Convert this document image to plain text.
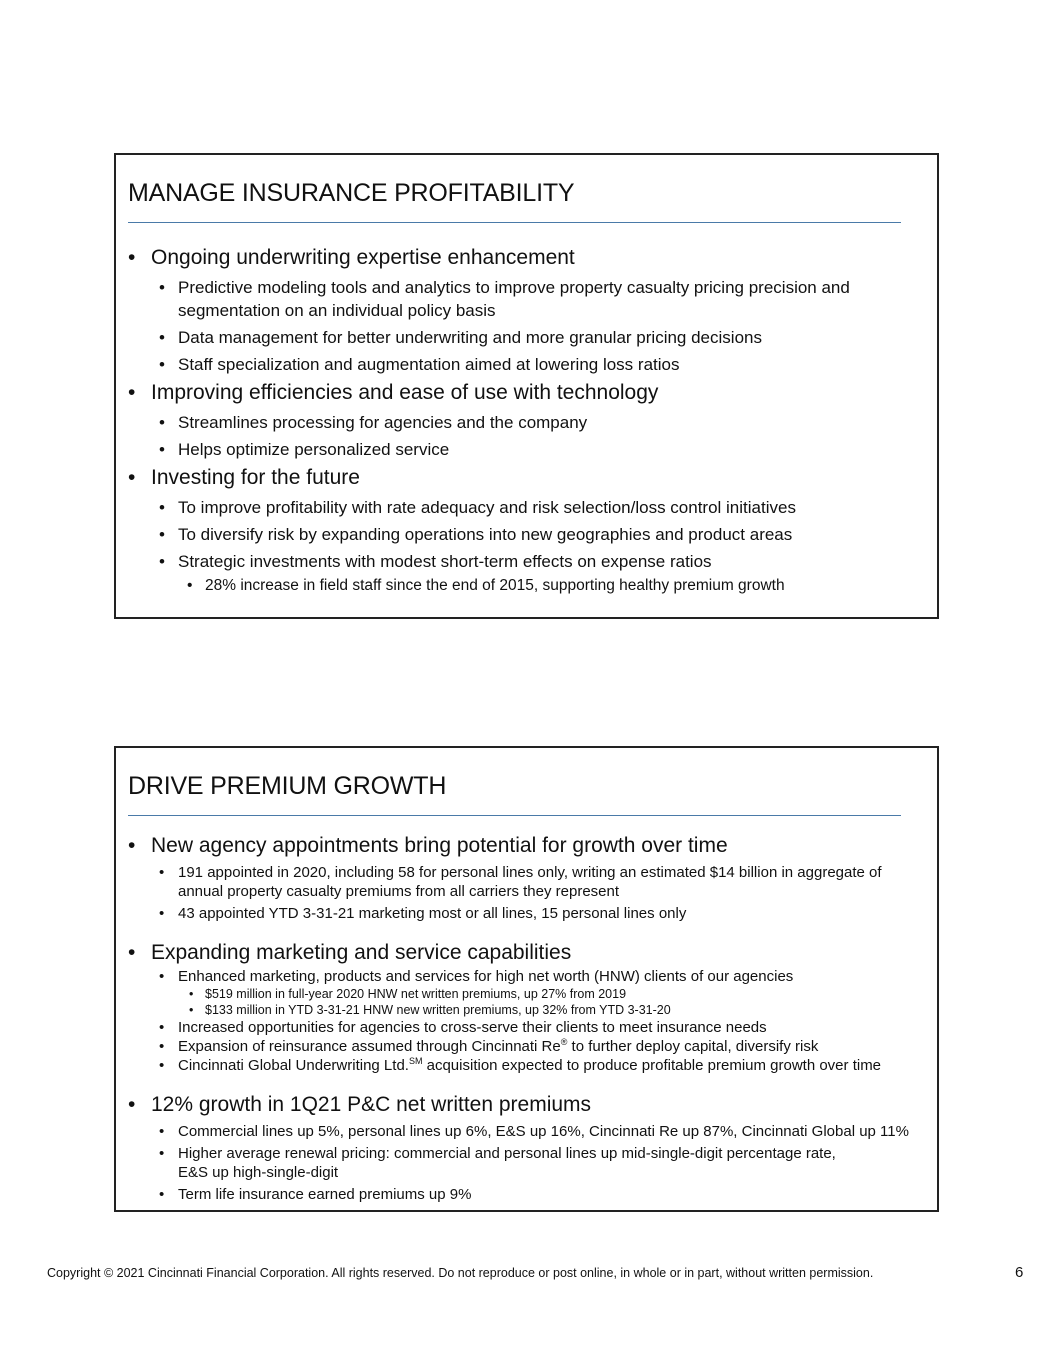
MANAGE INSURANCE PROFITABILITY
• Ongoing underwriting expertise enhancement
• Predictive modeling tools and analytics to improve property casualty pricing precision and segmentation on an individual policy basis
• Data management for better underwriting and more granular pricing decisions
• Staff specialization and augmentation aimed at lowering loss ratios
• Improving efficiencies and ease of use with technology
• Streamlines processing for agencies and the company
• Helps optimize personalized service
• Investing for the future
• To improve profitability with rate adequacy and risk selection/loss control initiatives
• To diversify risk by expanding operations into new geographies and product areas
• Strategic investments with modest short-term effects on expense ratios
• 28% increase in field staff since the end of 2015, supporting healthy premium growth
DRIVE PREMIUM GROWTH
• New agency appointments bring potential for growth over time
• 191 appointed in 2020, including 58 for personal lines only, writing an estimated $14 billion in aggregate of annual property casualty premiums from all carriers they represent
• 43 appointed YTD 3-31-21 marketing most or all lines, 15 personal lines only
• Expanding marketing and service capabilities
• Enhanced marketing, products and services for high net worth (HNW) clients of our agencies
• $519 million in full-year 2020 HNW net written premiums, up 27% from 2019
• $133 million in YTD 3-31-21 HNW new written premiums, up 32% from YTD 3-31-20
• Increased opportunities for agencies to cross-serve their clients to meet insurance needs
• Expansion of reinsurance assumed through Cincinnati Re® to further deploy capital, diversify risk
• Cincinnati Global Underwriting Ltd.℠ acquisition expected to produce profitable premium growth over time
• 12% growth in 1Q21 P&C net written premiums
• Commercial lines up 5%, personal lines up 6%, E&S up 16%, Cincinnati Re up 87%, Cincinnati Global up 11%
• Higher average renewal pricing: commercial and personal lines up mid-single-digit percentage rate,
E&S up high-single-digit
• Term life insurance earned premiums up 9%
Copyright © 2021 Cincinnati Financial Corporation. All rights reserved. Do not reproduce or post online, in whole or in part, without written permission.	6
